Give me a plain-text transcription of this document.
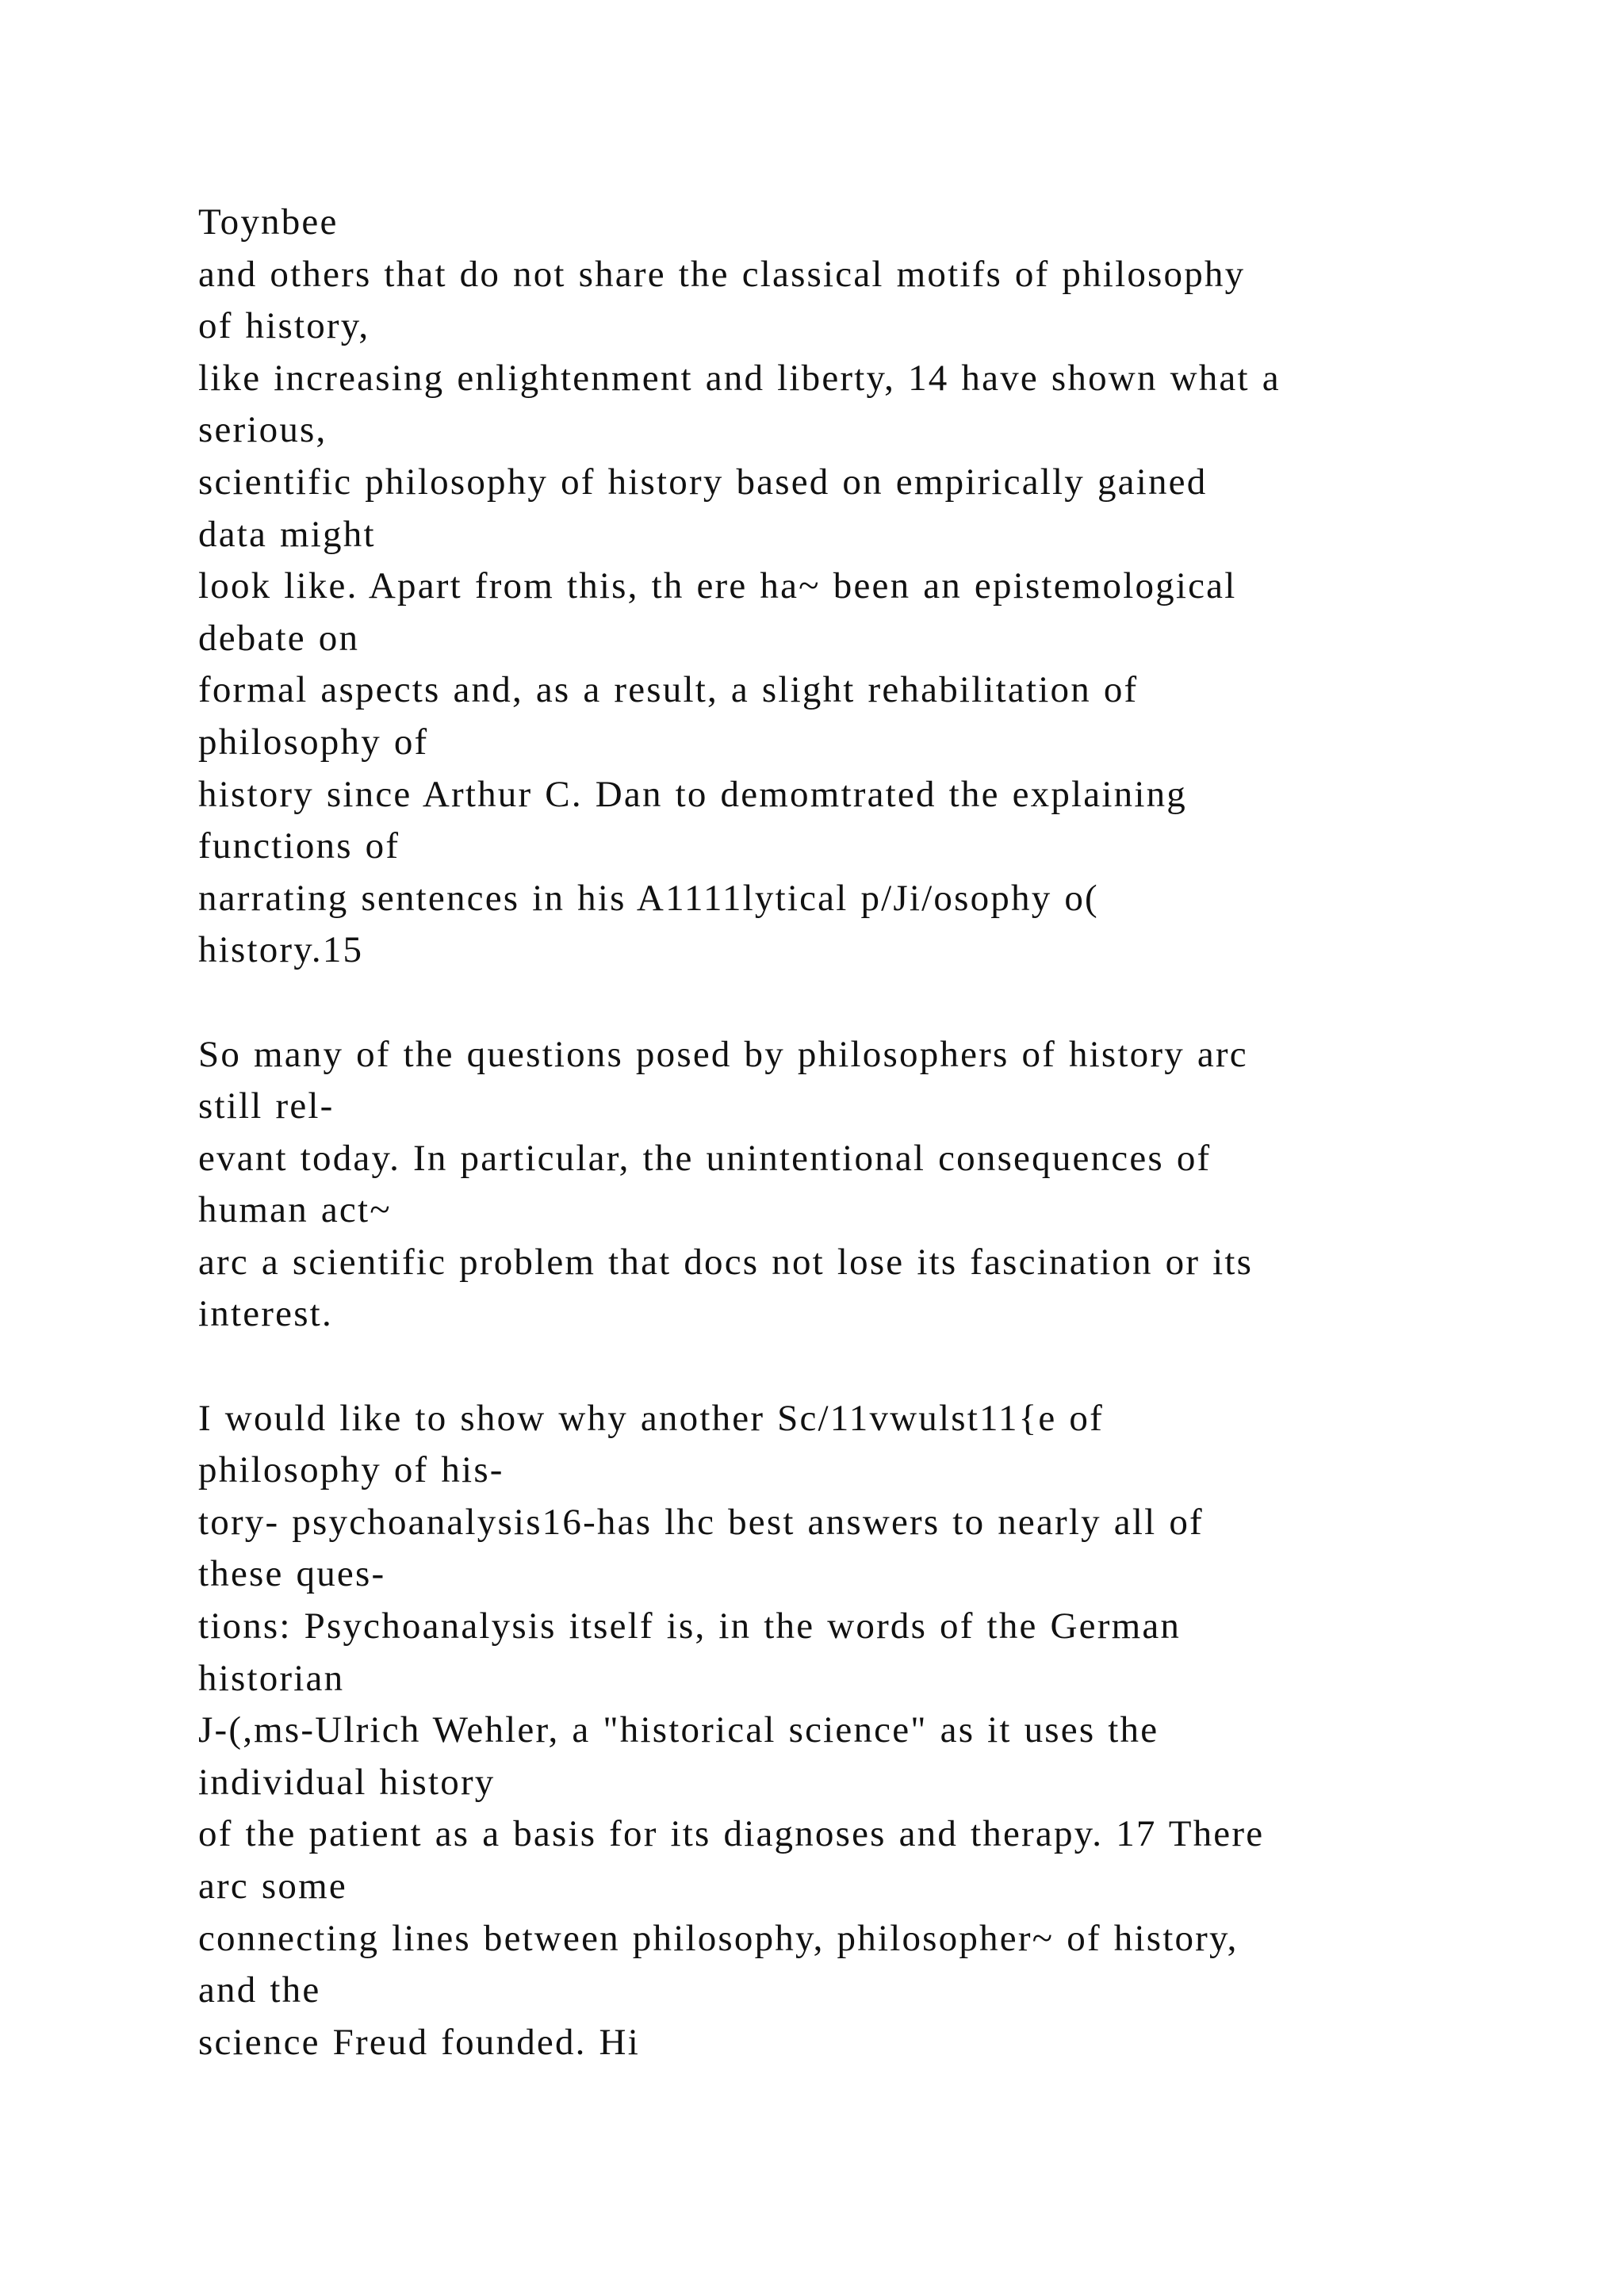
Toynbee
and others that do not share the classical motifs of philosophy
of history,
like increasing enlightenment and liberty, 14 have shown what a
serious,
scientific philosophy of history based on empirically gained
data might
look like. Apart from this, th ere ha~ been an epistemological
debate on
formal aspects and, as a result, a slight rehabilitation of
philosophy of
history since Arthur C. Dan to demomtrated the explaining
functions of
narrating sentences in his A1111lytical p/Ji/osophy o(
history.15
So many of the questions posed by philosophers of history arc
still rel-
evant today. In particular, the unintentional consequences of
human act~
arc a scientific problem that docs not lose its fascination or its
interest.
I would like to show why another Sc/11vwulst11{e of
philosophy of his-
tory- psychoanalysis16-has lhc best answers to nearly all of
these ques-
tions: Psychoanalysis itself is, in the words of the German
historian
J-(,ms-Ulrich Wehler, a "historical science" as it uses the
individual history
of the patient as a basis for its diagnoses and therapy. 17 There
arc some
connecting lines between philosophy, philosopher~ of history,
and the
science Freud founded. Hi
